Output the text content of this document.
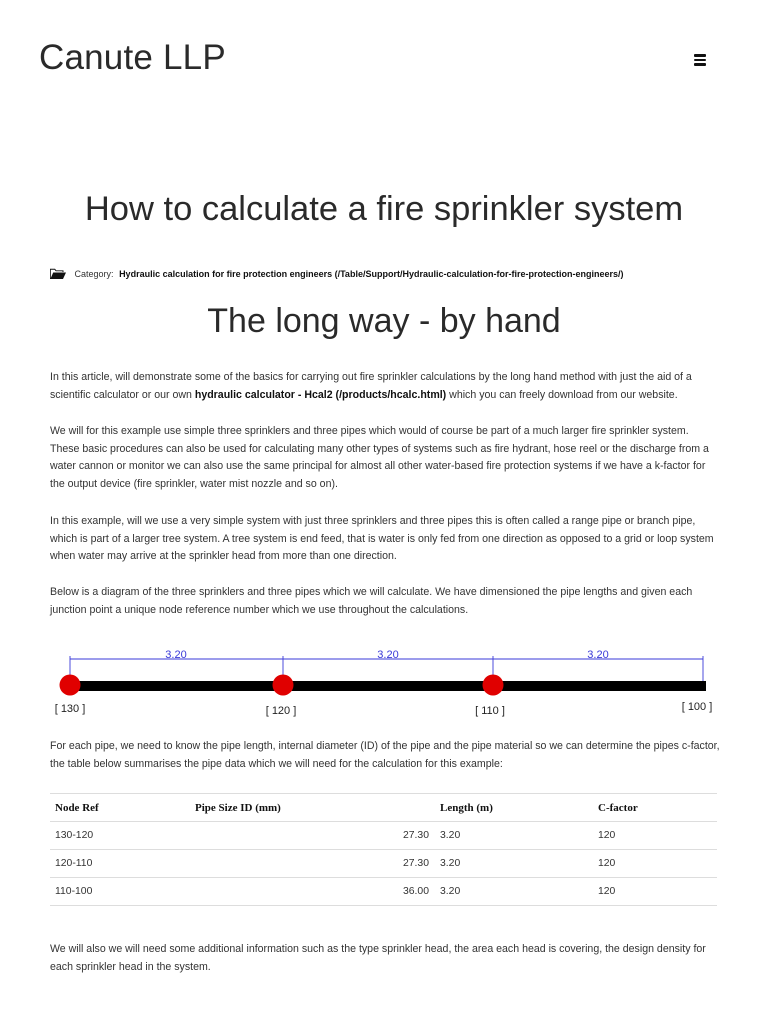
Canute LLP
How to calculate a fire sprinkler system
Category: Hydraulic calculation for fire protection engineers (/Table/Support/Hydraulic-calculation-for-fire-protection-engineers/)
The long way - by hand

In this article, will demonstrate some of the basics for carrying out fire sprinkler calculations by the long hand method with just the aid of a scientific calculator or our own hydraulic calculator - Hcal2 (/products/hcalc.html) which you can freely download from our website.

We will for this example use simple three sprinklers and three pipes which would of course be part of a much larger fire sprinkler system. These basic procedures can also be used for calculating many other types of systems such as fire hydrant, hose reel or the discharge from a water cannon or monitor we can also use the same principal for almost all other water-based fire protection systems if we have a k-factor for the output device (fire sprinkler, water mist nozzle and so on).

In this example, will we use a very simple system with just three sprinklers and three pipes this is often called a range pipe or branch pipe, which is part of a larger tree system. A tree system is end feed, that is water is only fed from one direction as opposed to a grid or loop system when water may arrive at the sprinkler head from more than one direction.

Below is a diagram of the three sprinklers and three pipes which we will calculate. We have dimensioned the pipe lengths and given each junction point a unique node reference number which we use throughout the calculations.

3.20	3.20	3.20
[ 130 ]	[ 120 ]	[ 110 ]	[ 100 ]

For each pipe, we need to know the pipe length, internal diameter (ID) of the pipe and the pipe material so we can determine the pipes c-factor, the table below summarises the pipe data which we will need for the calculation for this example:

Node Ref	Pipe Size ID (mm)	Length (m)	C-factor
130-120	27.30	3.20	120
120-110	27.30	3.20	120
110-100	36.00	3.20	120

We will also we will need some additional information such as the type sprinkler head, the area each head is covering, the design density for each sprinkler head in the system.
